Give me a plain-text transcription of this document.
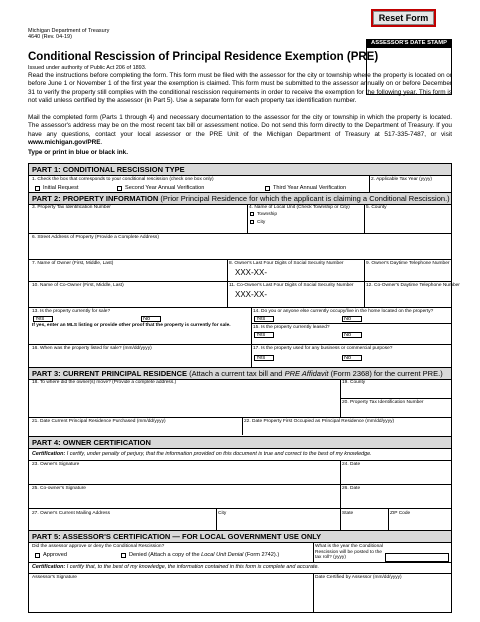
Reset Form
Michigan Department of Treasury
4640 (Rev. 04-19)
ASSESSOR'S DATE STAMP
Conditional Rescission of Principal Residence Exemption (PRE)
Issued under authority of Public Act 206 of 1893.
Read the instructions before completing the form. This form must be filed with the assessor for the city or township where the property is located on or before June 1 or November 1 of the first year the exemption is claimed. This form must be submitted to the assessor annually on or before December 31 to verify the property still complies with the conditional rescission requirements in order to receive the exemption for the following year. This form is not valid unless certified by the assessor (in Part 5). Use a separate form for each property tax identification number.
Mail the completed form (Parts 1 through 4) and necessary documentation to the assessor for the city or township in which the property is located. The assessor's address may be on the most recent tax bill or assessment notice. Do not send this form directly to the Department of Treasury. If you have any questions, contact your local assessor or the PRE Unit of the Michigan Department of Treasury at 517-335-7487, or visit www.michigan.gov/PRE.
Type or print in blue or black ink.
PART 1: CONDITIONAL RESCISSION TYPE
1. Check the box that corresponds to your conditional rescission (check one box only)
Initial Request	Second Year Annual Verification	Third Year Annual Verification
2. Applicable Tax Year (yyyy)
PART 2: PROPERTY INFORMATION (Prior Principal Residence for which the applicant is claiming a Conditional Rescission.)
3. Property Tax Identification Number	4. Name of Local Unit (Check Township or City)
Township
City
5. County
6. Street Address of Property (Provide a Complete Address)
7. Name of Owner (First, Middle, Last)	8. Owner's Last Four Digits of Social Security Number
XXX-XX-
9. Owner's Daytime Telephone Number
10. Name of Co-Owner (First, Middle, Last)	11. Co-Owner's Last Four Digits of Social Security Number
XXX-XX-
12. Co-Owner's Daytime Telephone Number
13. Is the property currently for sale?
Yes	No
If yes, enter an MLS listing or provide other proof that the property is currently for sale.
14. Do you or anyone else currently occupy/live in the home located on the property?
Yes	No
15. Is the property currently leased?
Yes	No
16. When was the property listed for sale? (mm/dd/yyyy)	17. Is the property used for any business or commercial purpose?
Yes	No
PART 3: CURRENT PRINCIPAL RESIDENCE (Attach a current tax bill and PRE Affidavit (Form 2368) for the current PRE.)
18. To where did the owner(s) move? (Provide a complete address.)	19. County
20. Property Tax Identification Number
21. Date Current Principal Residence Purchased (mm/dd/yyyy)	22. Date Property First Occupied as Principal Residence (mm/dd/yyyy)
PART 4: OWNER CERTIFICATION
Certification: I certify, under penalty of perjury, that the information provided on this document is true and correct to the best of my knowledge.
23. Owner's Signature	24. Date
25. Co-owner's Signature	26. Date
27. Owner's Current Mailing Address	City	State	ZIP Code
PART 5: ASSESSOR'S CERTIFICATION — FOR LOCAL GOVERNMENT USE ONLY
Did the assessor approve or deny the Conditional Rescission?
Approved	Denied (Attach a copy of the Local Unit Denial (Form 2742).)
What is the year the Conditional Rescission will be posted to the tax roll? (yyyy)
Certification: I certify that, to the best of my knowledge, the information contained in this form is complete and accurate.
Assessor's Signature	Date Certified by Assessor (mm/dd/yyyy)
